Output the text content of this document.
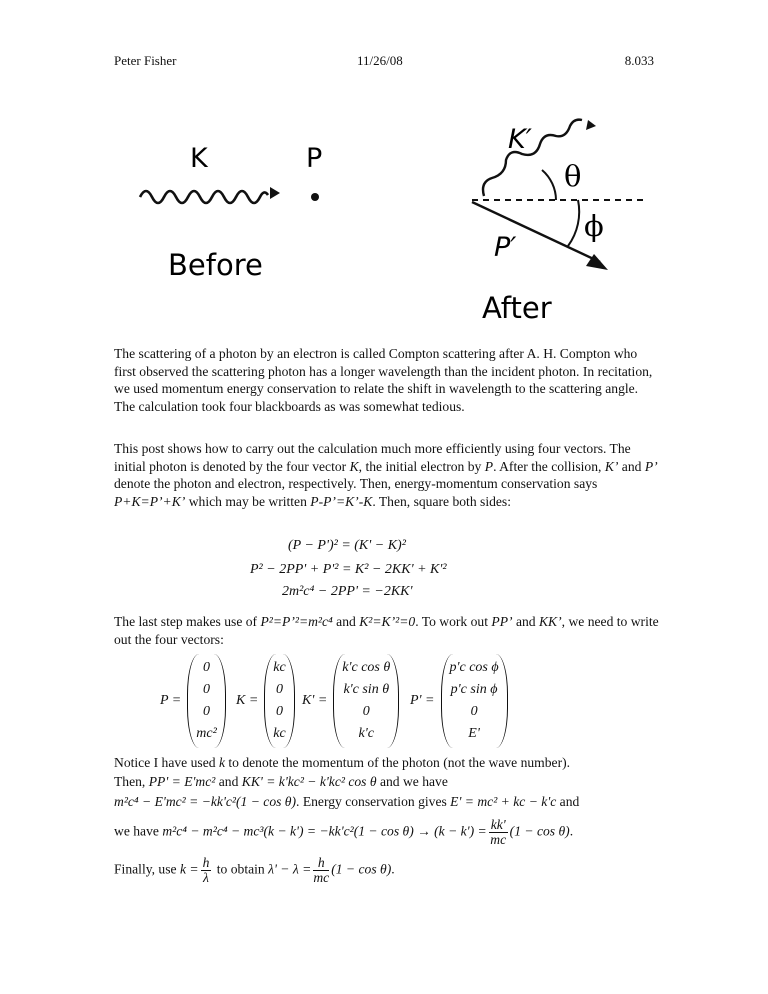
Peter Fisher	11/26/08	8.033
K	P
Before
K′
θ
ϕ
P′
After

The scattering of a photon by an electron is called Compton scattering after A. H. Compton who first observed the scattering photon has a longer wavelength than the incident photon. In recitation, we used momentum energy conservation to relate the shift in wavelength to the scattering angle. The calculation took four blackboards as was somewhat tedious.

This post shows how to carry out the calculation much more efficiently using four vectors. The initial photon is denoted by the four vector K, the initial electron by P. After the collision, K’ and P’ denote the photon and electron, respectively. Then, energy-momentum conservation says P+K=P’+K’ which may be written P-P’=K’-K. Then, square both sides:

(P − P')² = (K' − K)²
P² − 2PP' + P'² = K² − 2KK' + K'²
2m²c⁴ − 2PP' = −2KK'

The last step makes use of P²=P’²=m²c⁴ and K²=K’²=0. To work out PP’ and KK’, we need to write out the four vectors:

P =
0
0
0
mc²
K =
kc
0
0
kc
K' =
k'c cos θ
k'c sin θ
0
k'c
P' =
p'c cos ϕ
p'c sin ϕ
0
E'
Notice I have used k to denote the momentum of the photon (not the wave number).
Then, PP' = E'mc² and KK' = k'kc² − k'kc² cos θ and we have
m²c⁴ − E'mc² = −kk'c²(1 − cos θ). Energy conservation gives E' = mc² + kc − k'c and
we have $m^2c^4 - m^2c^4 - mc^3(k - k') = -kk'c^2(1 - \cos \theta) \to (k - k') = \frac{kk'}{mc} (1 - \cos \theta)$.
Finally, use $k = \frac{h}{\lambda}$ to obtain $\lambda' - \lambda = \frac{h}{mc} (1 - \cos \theta)$.
